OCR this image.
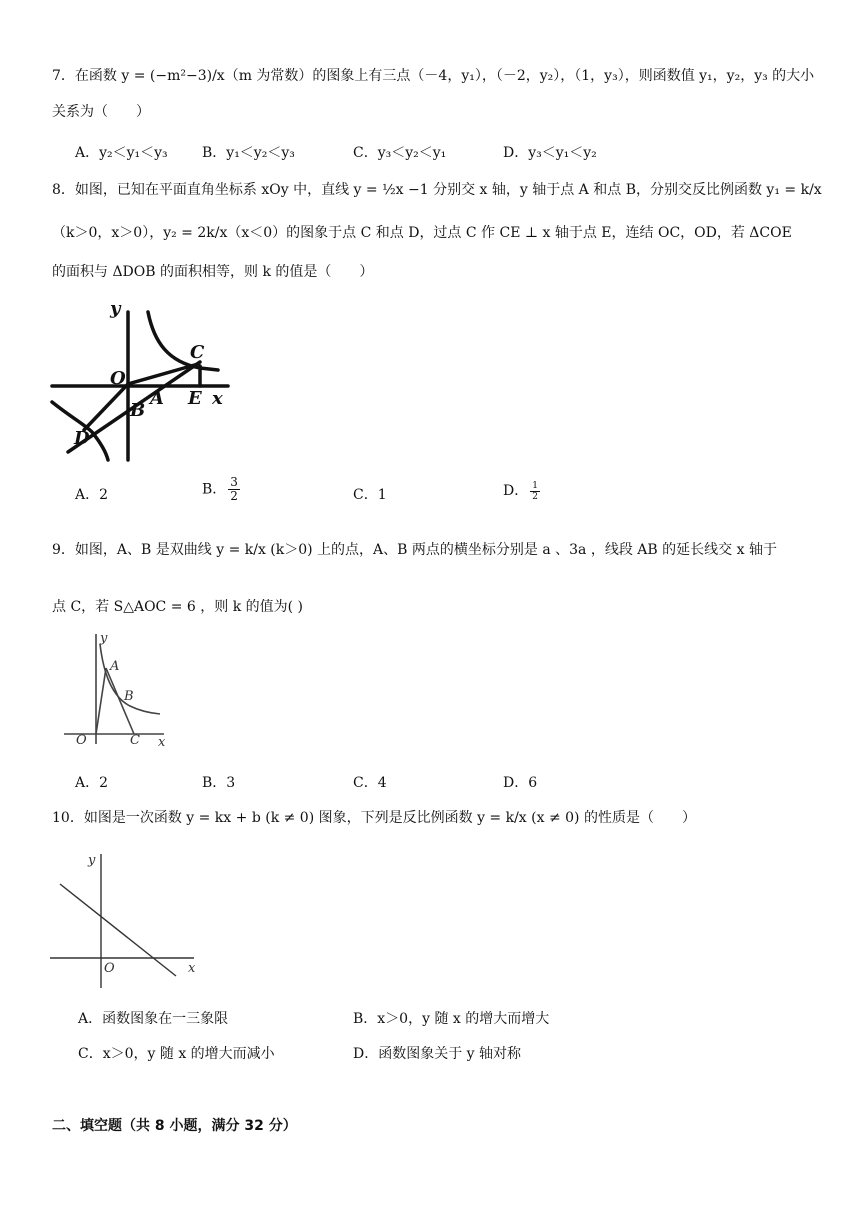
7．在函数 y = (−m²−3)/x（m 为常数）的图象上有三点（－4，y₁），（－2，y₂），（1，y₃），则函数值 y₁，y₂，y₃ 的大小
关系为（　　）
A．y₂＜y₁＜y₃ B．y₁＜y₂＜y₃	C．y₃＜y₂＜y₁	D．y₃＜y₁＜y₂
8．如图，已知在平面直角坐标系 xOy 中，直线 y = ½x −1 分别交 x 轴，y 轴于点 A 和点 B，分别交反比例函数 y₁ = k/x
（k＞0，x＞0），y₂ = 2k/x（x＜0）的图象于点 C 和点 D，过点 C 作 CE ⊥ x 轴于点 E，连结 OC，OD，若 ΔCOE
的面积与 ΔDOB 的面积相等，则 k 的值是（　　）
y
O
C
B
A E x
D
A．2	B． $\frac{3}{2}$	C．1	D． $\frac{1}{2}$
9．如图，A、B 是双曲线 y = k/x (k＞0) 上的点，A、B 两点的横坐标分别是 a 、3a ，线段 AB 的延长线交 x 轴于
点 C，若 S△AOC = 6 ，则 k 的值为( )
y
A
B
O	C x
A．2	B．3	C．4	D．6
10．如图是一次函数 y = kx + b (k ≠ 0) 图象，下列是反比例函数 y = k/x (x ≠ 0) 的性质是（　　）
y
O	x
A．函数图象在一三象限	B．x＞0，y 随 x 的增大而增大
C．x＞0，y 随 x 的增大而减小	D．函数图象关于 y 轴对称
二、填空题（共 8 小题，满分 32 分）
